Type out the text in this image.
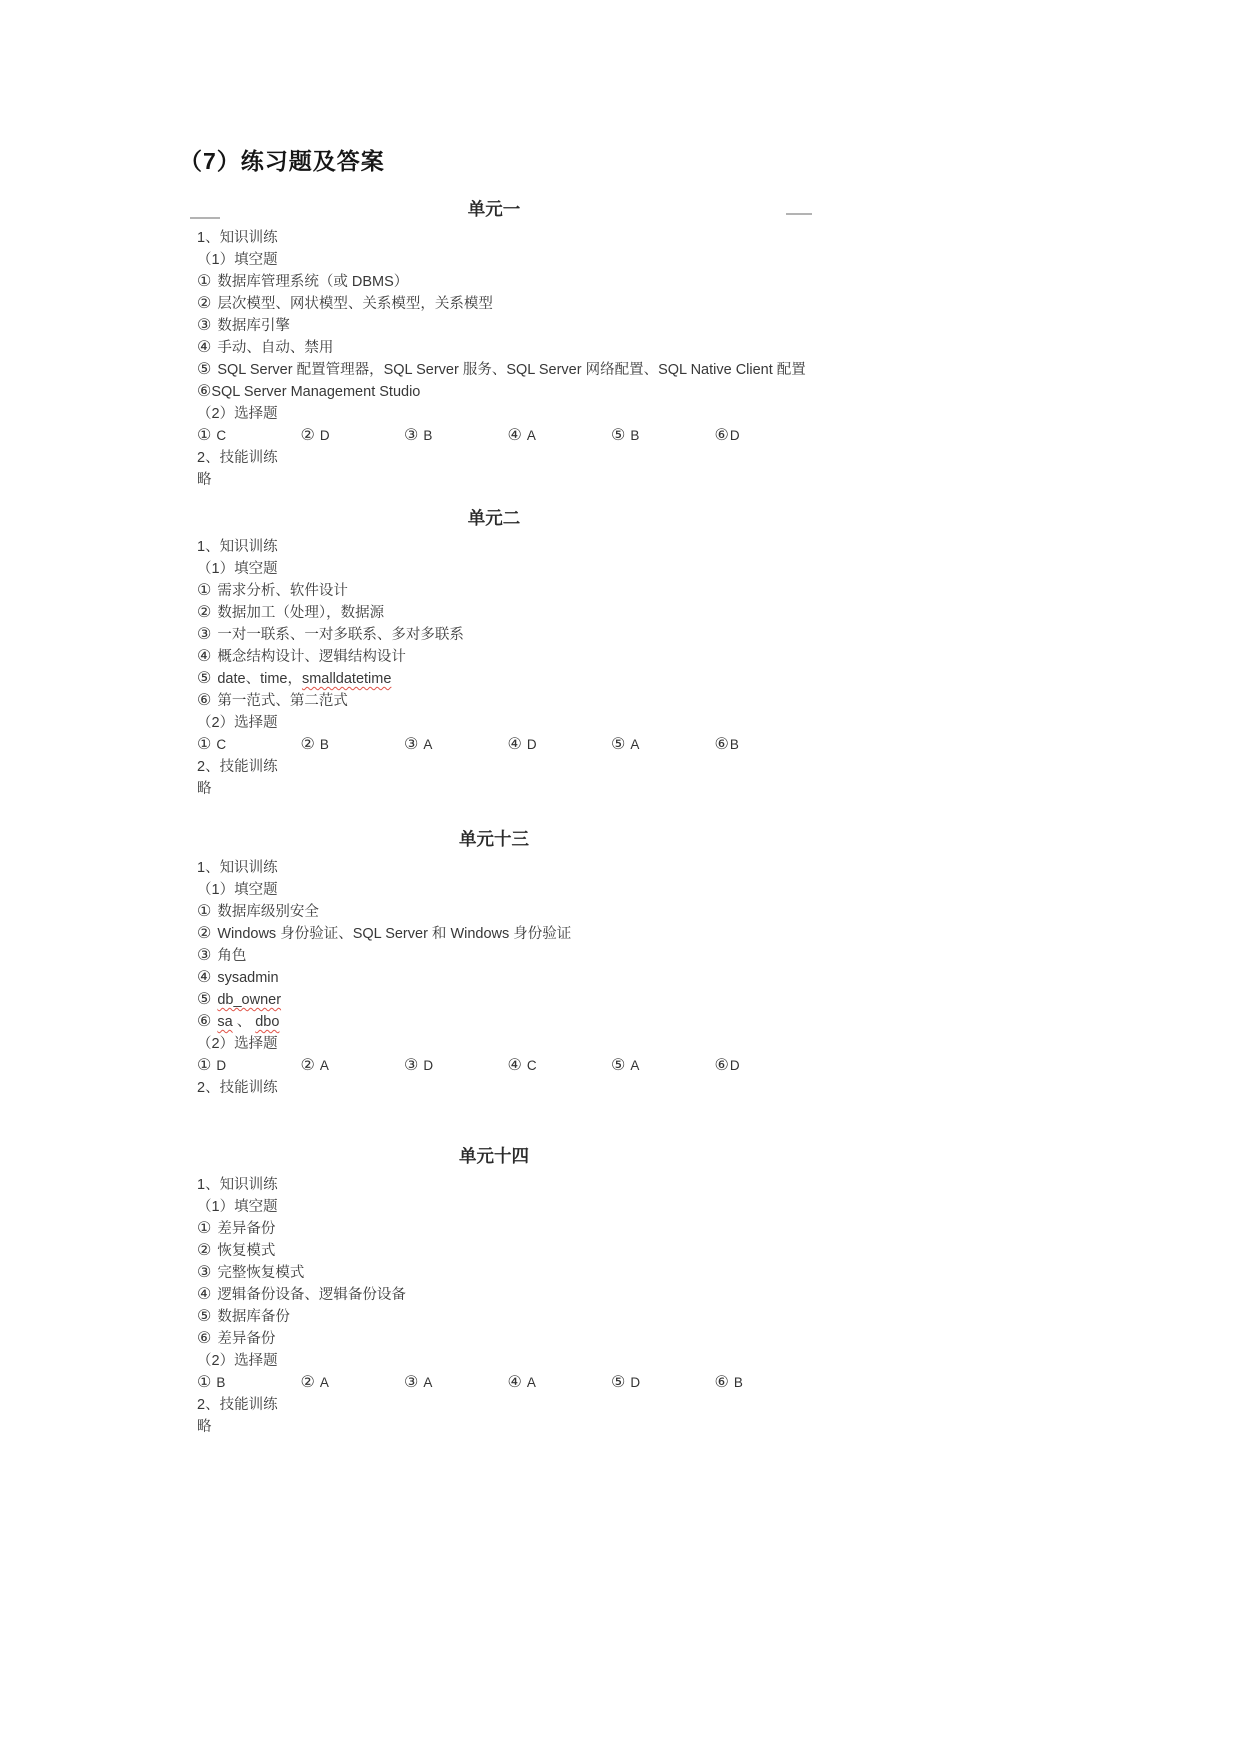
（7）练习题及答案
单元一
1、知识训练
（1）填空题
① 数据库管理系统（或 DBMS）
② 层次模型、网状模型、关系模型，关系模型
③ 数据库引擎
④ 手动、自动、禁用
⑤ SQL Server 配置管理器，SQL Server 服务、SQL Server 网络配置、SQL Native Client 配置
⑥SQL Server Management Studio
（2）选择题
① C	② D	③ B	④ A	⑤ B	⑥D
2、技能训练
略
单元二
1、知识训练
（1）填空题
① 需求分析、软件设计
② 数据加工（处理），数据源
③ 一对一联系、一对多联系、多对多联系
④ 概念结构设计、逻辑结构设计
⑤ date、time，smalldatetime
⑥ 第一范式、第二范式
（2）选择题
① C	② B	③ A	④ D	⑤ A	⑥B
2、技能训练
略
单元十三
1、知识训练
（1）填空题
① 数据库级别安全
② Windows 身份验证、SQL Server 和 Windows 身份验证
③ 角色
④ sysadmin
⑤ db_owner
⑥ sa 、 dbo
（2）选择题
① D	② A	③ D	④ C	⑤ A	⑥D
2、技能训练
单元十四
1、知识训练
（1）填空题
① 差异备份
② 恢复模式
③ 完整恢复模式
④ 逻辑备份设备、逻辑备份设备
⑤ 数据库备份
⑥ 差异备份
（2）选择题
① B	② A	③ A	④ A	⑤ D	⑥ B
2、技能训练
略
